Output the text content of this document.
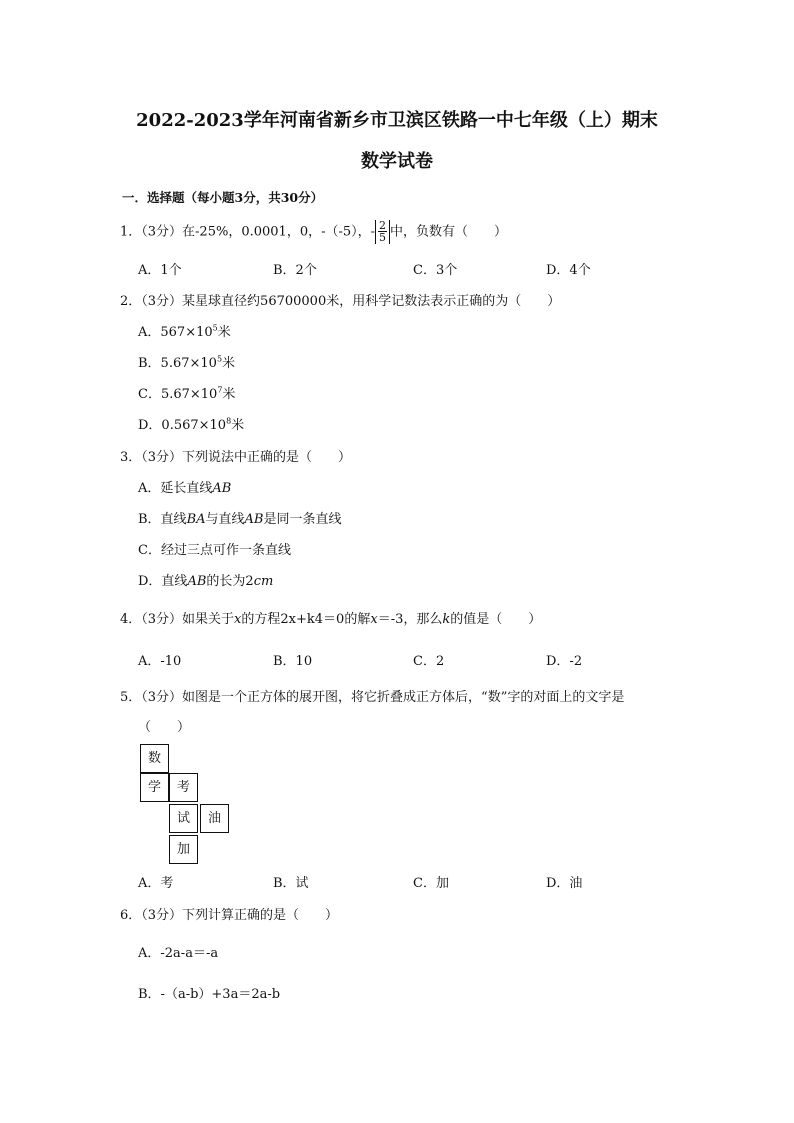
2022-2023学年河南省新乡市卫滨区铁路一中七年级（上）期末
数学试卷
一．选择题（每小题3分，共30分）
1．（3分）在-25%，0.0001，0，-（-5），- $\frac{2}{5}$ 中，负数有（　　）
A．1个	B．2个	C．3个	D．4个
2．（3分）某星球直径约56700000米，用科学记数法表示正确的为（　　）
A．$567\times 10^5$米
B．$5.67\times 10^5$米
C．$5.67\times 10^7$米
D．$0.567\times 10^8$米
3．（3分）下列说法中正确的是（　　）
A．延长直线AB
B．直线BA与直线AB是同一条直线
C．经过三点可作一条直线
D．直线AB的长为2cm
4．（3分）如果关于x的方程2x+k4＝0的解x＝-3，那么k的值是（　　）
A．-10	B．10	C．2	D．-2
5．（3分）如图是一个正方体的展开图，将它折叠成正方体后，“数”字的对面上的文字是
（　　）
数
学	考
试	油
加
A．考	B．试	C．加	D．油
6．（3分）下列计算正确的是（　　）
A．-2a-a＝-a
B．-（a-b）+3a＝2a-b
